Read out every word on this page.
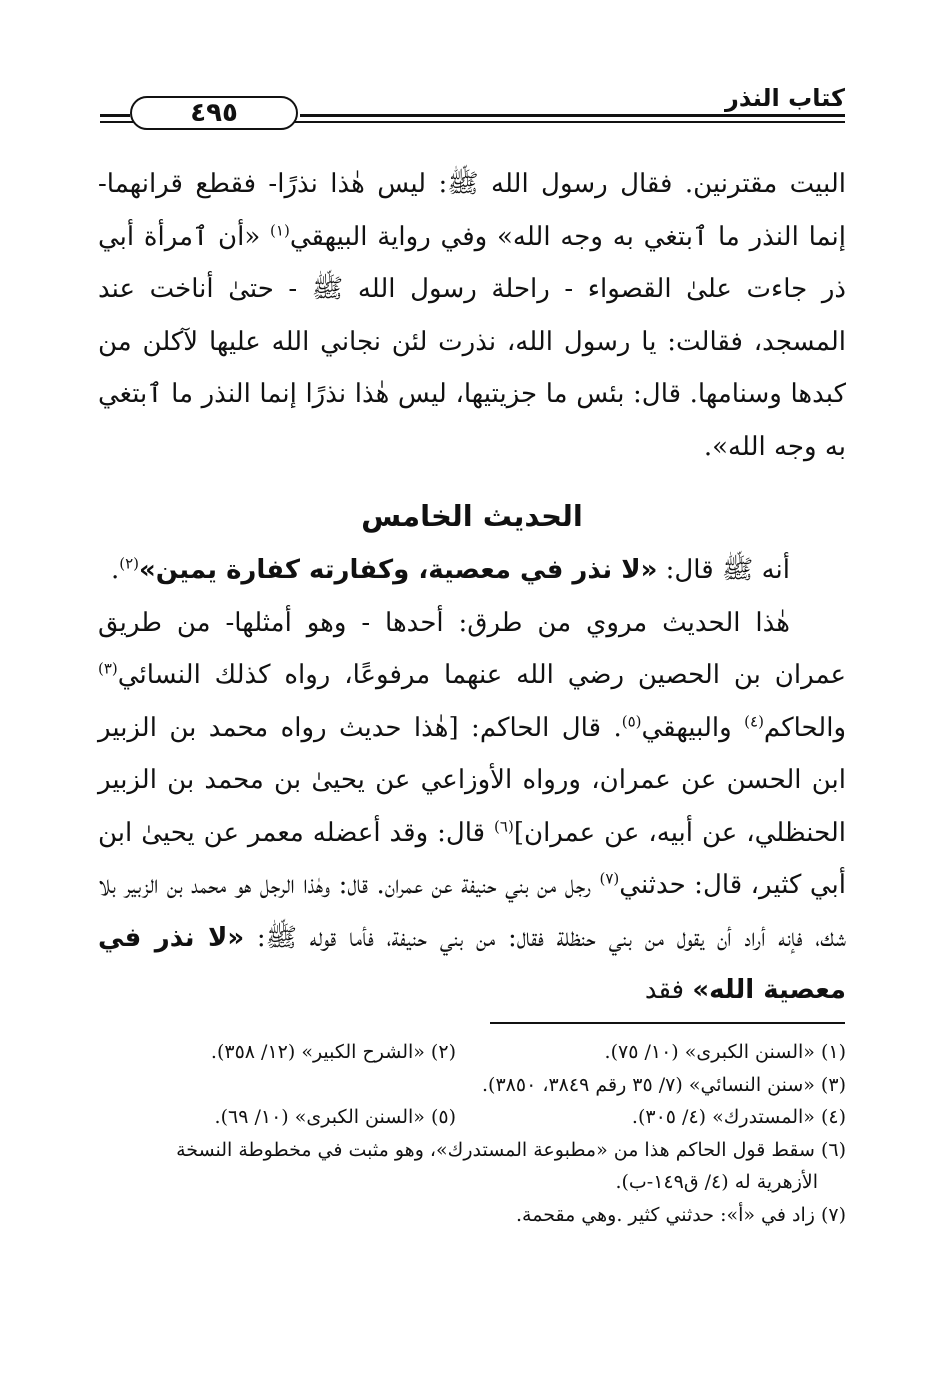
٤٩٥	كتاب النذر
البيت مقترنين. فقال رسول الله ﷺ: ليس هٰذا نذرًا- فقطع قرانهما- إنما النذر ما ٱبتغي به وجه الله» وفي رواية البيهقي$^{(١)}$ «أن ٱمرأة أبي ذر جاءت علىٰ القصواء - راحلة رسول الله ﷺ - حتىٰ أناخت عند المسجد، فقالت: يا رسول الله، نذرت لئن نجاني الله عليها لآكلن من كبدها وسنامها. قال: بئس ما جزيتيها، ليس هٰذا نذرًا إنما النذر ما ٱبتغي به وجه الله».
الحديث الخامس
أنه ﷺ قال: «لا نذر في معصية، وكفارته كفارة يمين»$^{(٢)}$.
هٰذا الحديث مروي من طرق: أحدها - وهو أمثلها- من طريق عمران بن الحصين رضي الله عنهما مرفوعًا، رواه كذلك النسائي$^{(٣)}$ والحاكم$^{(٤)}$ والبيهقي$^{(٥)}$. قال الحاكم: [هٰذا حديث رواه محمد بن الزبير ابن الحسن عن عمران، ورواه الأوزاعي عن يحيىٰ بن محمد بن الزبير الحنظلي، عن أبيه، عن عمران]$^{(٦)}$ قال: وقد أعضله معمر عن يحيىٰ ابن أبي كثير، قال: حدثني$^{(٧)}$ رجل من بني حنيفة عن عمران. قال: وهٰذا الرجل هو محمد بن الزبير بلا شك، فإنه أراد أن يقول من بني حنظلة فقال: من بني حنيفة، فأما قوله ﷺ: «لا نذر في معصية الله» فقد
(١) «السنن الكبرى» (١٠/ ٧٥).
(٢) «الشرح الكبير» (١٢/ ٣٥٨).
(٣) «سنن النسائي» (٧/ ٣٥ رقم ٣٨٤٩، ٣٨٥٠).
(٤) «المستدرك» (٤/ ٣٠٥).
(٥) «السنن الكبرى» (١٠/ ٦٩).
(٦) سقط قول الحاكم هذا من «مطبوعة المستدرك»، وهو مثبت في مخطوطة النسخة
الأزهرية له (٤/ ق١٤٩-ب).
(٧) زاد في «أ»: حدثني كثير .وهي مقحمة.
